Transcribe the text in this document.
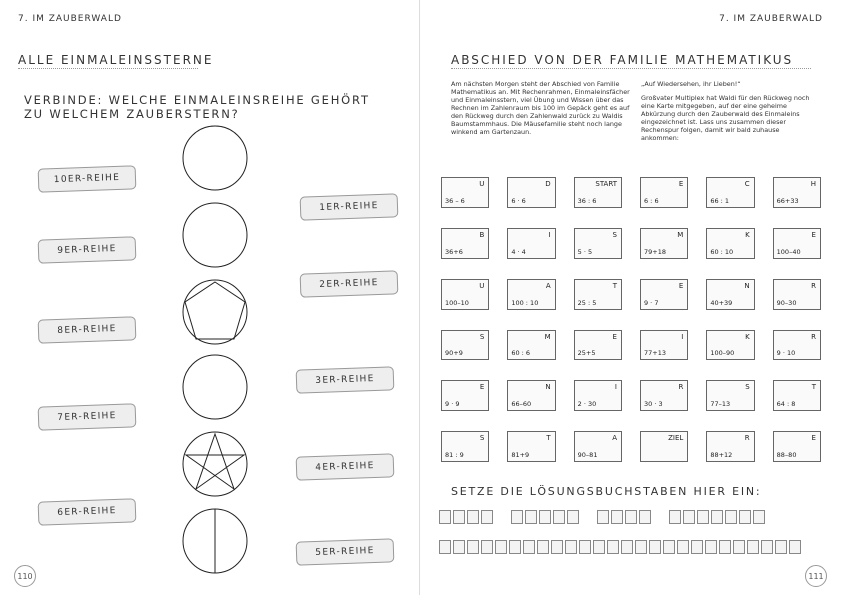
7. IM ZAUBERWALD
ALLE EINMALEINSSTERNE
VERBINDE: WELCHE EINMALEINSREIHE GEHÖRT
ZU WELCHEM ZAUBERSTERN?
10ER-REIHE
9ER-REIHE
8ER-REIHE
7ER-REIHE
6ER-REIHE
1ER-REIHE
2ER-REIHE
3ER-REIHE
4ER-REIHE
5ER-REIHE
110
7. IM ZAUBERWALD
ABSCHIED VON DER FAMILIE MATHEMATIKUS
Am nächsten Morgen steht der Abschied von Familie Mathematikus an. Mit Rechenrahmen, Einmaleinsfächer und Einmaleinsstern, viel Übung und Wissen über das Rechnen im Zahlenraum bis 100 im Gepäck geht es auf den Rückweg durch den Zahlenwald zurück zu Waldis Baumstammhaus. Die Mäusefamilie steht noch lange winkend am Gartenzaun.
„Auf Wiedersehen, ihr Lieben!“
Großvater Multiplex hat Waldi für den Rückweg noch eine Karte mitgegeben, auf der eine geheime Abkürzung durch den Zauberwald des Einmaleins eingezeichnet ist. Lass uns zusammen dieser Rechenspur folgen, damit wir bald zuhause ankommen:
U
36 – 6
D
6 · 6
START
36 : 6
E
6 : 6
C
66 : 1
H
66+33
B
36+6
I
4 · 4
S
5 · 5
M
79+18
K
60 : 10
E
100–40
U
100–10
A
100 : 10
T
25 : 5
E
9 · 7
N
40+39
R
90–30
S
90+9
M
60 : 6
E
25+5
I
77+13
K
100–90
R
9 · 10
E
9 · 9
N
66–60
I
2 · 30
R
30 · 3
S
77–13
T
64 : 8
S
81 : 9
T
81+9
A
90–81
ZIEL	R
88+12
E
88–80
SETZE DIE LÖSUNGSBUCHSTABEN HIER EIN:
111
